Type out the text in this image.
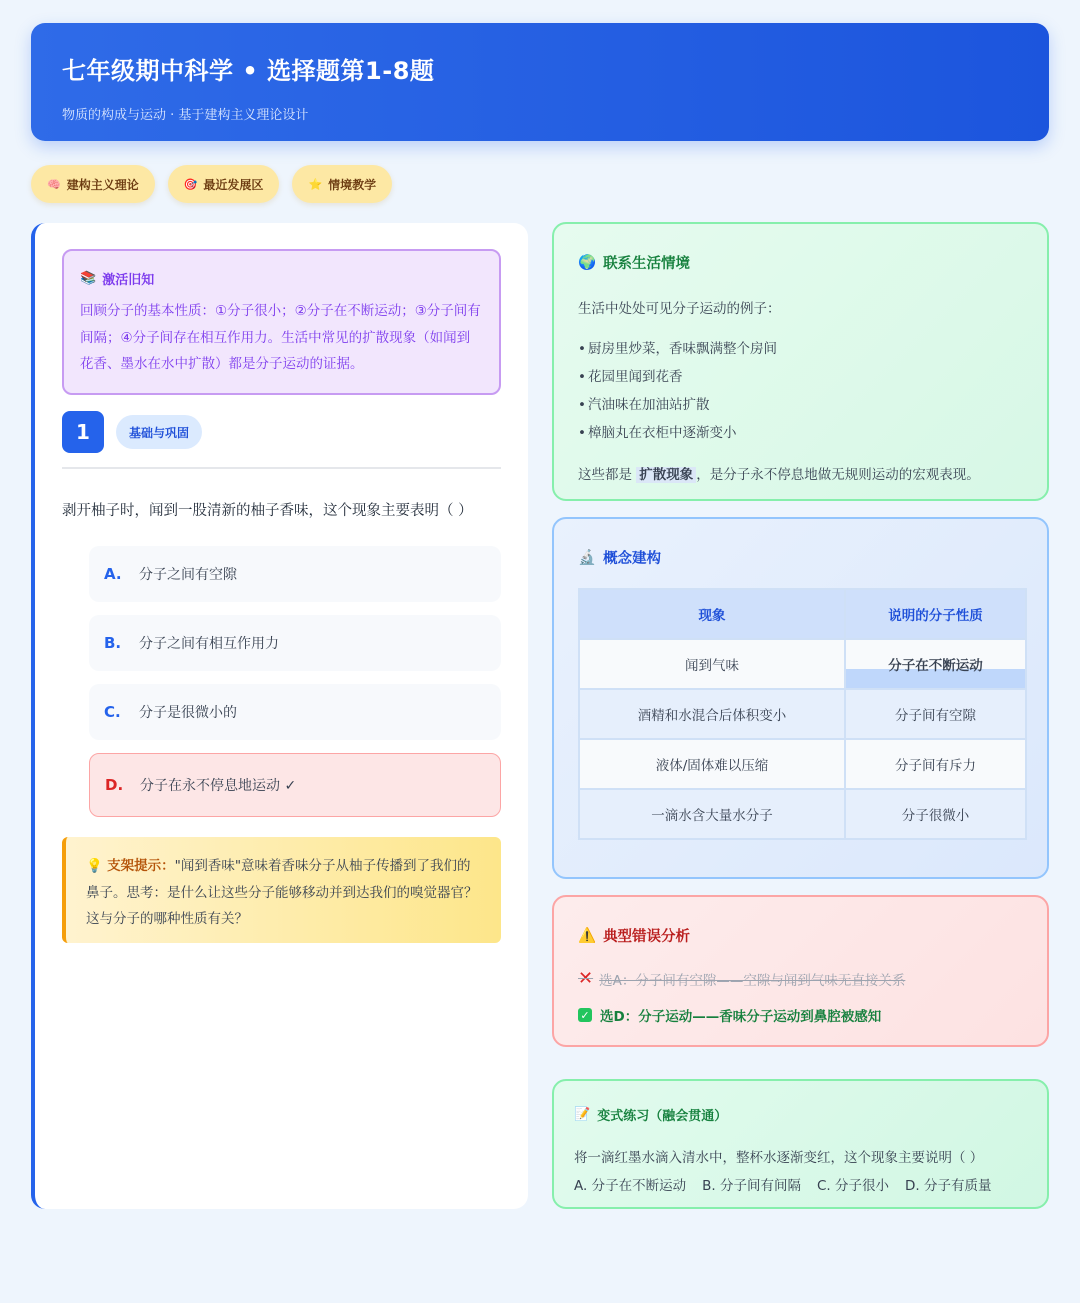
七年级期中科学 • 选择题第1-8题
物质的构成与运动 · 基于建构主义理论设计
🧠 建构主义理论	🎯 最近发展区	⭐ 情境教学
📚 激活旧知

回顾分子的基本性质：①分子很小；②分子在不断运动；③分子间有间隔；④分子间存在相互作用力。生活中常见的扩散现象（如闻到花香、墨水在水中扩散）都是分子运动的证据。

1	基础与巩固
剥开柚子时，闻到一股清新的柚子香味，这个现象主要表明（ ）
A.	分子之间有空隙
B.	分子之间有相互作用力
C.	分子是很微小的
D.	分子在永不停息地运动 ✓
💡 支架提示："闻到香味"意味着香味分子从柚子传播到了我们的鼻子。思考：是什么让这些分子能够移动并到达我们的嗅觉器官？这与分子的哪种性质有关？
🌍 联系生活情境
生活中处处可见分子运动的例子：
• 厨房里炒菜，香味飘满整个房间
• 花园里闻到花香
• 汽油味在加油站扩散
• 樟脑丸在衣柜中逐渐变小
这些都是 扩散现象 ，是分子永不停息地做无规则运动的宏观表现。
🔬 概念建构
现象	说明的分子性质
闻到气味	分子在不断运动
酒精和水混合后体积变小	分子间有空隙
液体/固体难以压缩	分子间有斥力
一滴水含大量水分子	分子很微小
⚠️ 典型错误分析
✕ 选A：分子间有空隙——空隙与闻到气味无直接关系
✓ 选D：分子运动——香味分子运动到鼻腔被感知
📝 变式练习（融会贯通）
将一滴红墨水滴入清水中，整杯水逐渐变红，这个现象主要说明（ ）
A. 分子在不断运动 B. 分子间有间隔 C. 分子很小 D. 分子有质量
